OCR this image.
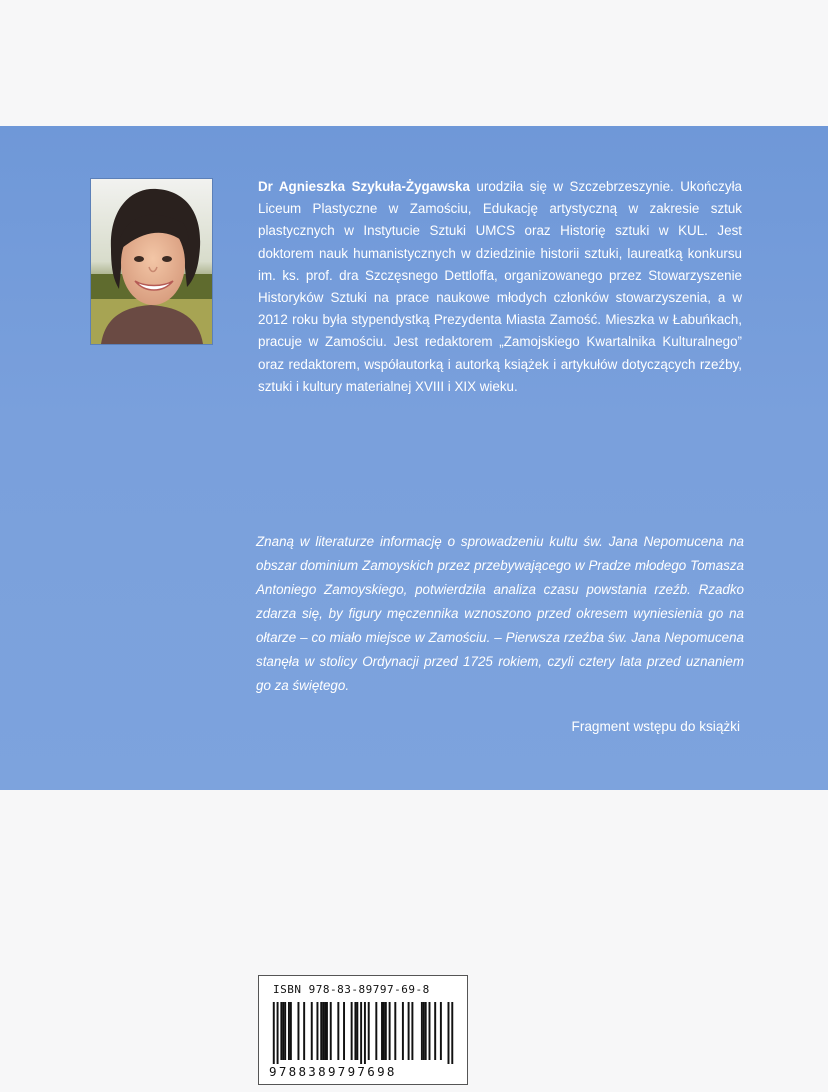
Dr Agnieszka Szykuła-Żygawska urodziła się w Szczebrzeszynie. Ukończyła Liceum Plastyczne w Zamościu, Edukację artystyczną w zakresie sztuk plastycznych w Instytucie Sztuki UMCS oraz Historię sztuki w KUL. Jest doktorem nauk humanistycznych w dziedzinie historii sztuki, laureatką konkursu im. ks. prof. dra Szczęsnego Dettloffa, organizowanego przez Stowarzyszenie Historyków Sztuki na prace naukowe młodych członków stowarzyszenia, a w 2012 roku była stypendystką Prezydenta Miasta Zamość. Mieszka w Łabuńkach, pracuje w Zamościu. Jest redaktorem „Zamojskiego Kwartalnika Kulturalnego” oraz redaktorem, współautorką i autorką książek i artykułów dotyczących rzeźby, sztuki i kultury materialnej XVIII i XIX wieku.

Znaną w literaturze informację o sprowadzeniu kultu św. Jana Nepomucena na obszar dominium Zamoyskich przez przebywającego w Pradze młodego Tomasza Antoniego Zamoyskiego, potwierdziła analiza czasu powstania rzeźb. Rzadko zdarza się, by figury męczennika wznoszono przed okresem wyniesienia go na ołtarze – co miało miejsce w Zamościu. – Pierwsza rzeźba św. Jana Nepomucena stanęła w stolicy Ordynacji przed 1725 rokiem, czyli cztery lata przed uznaniem go za świętego.

Fragment wstępu do książki

ISBN 978-83-89797-69-8
9788389797698
